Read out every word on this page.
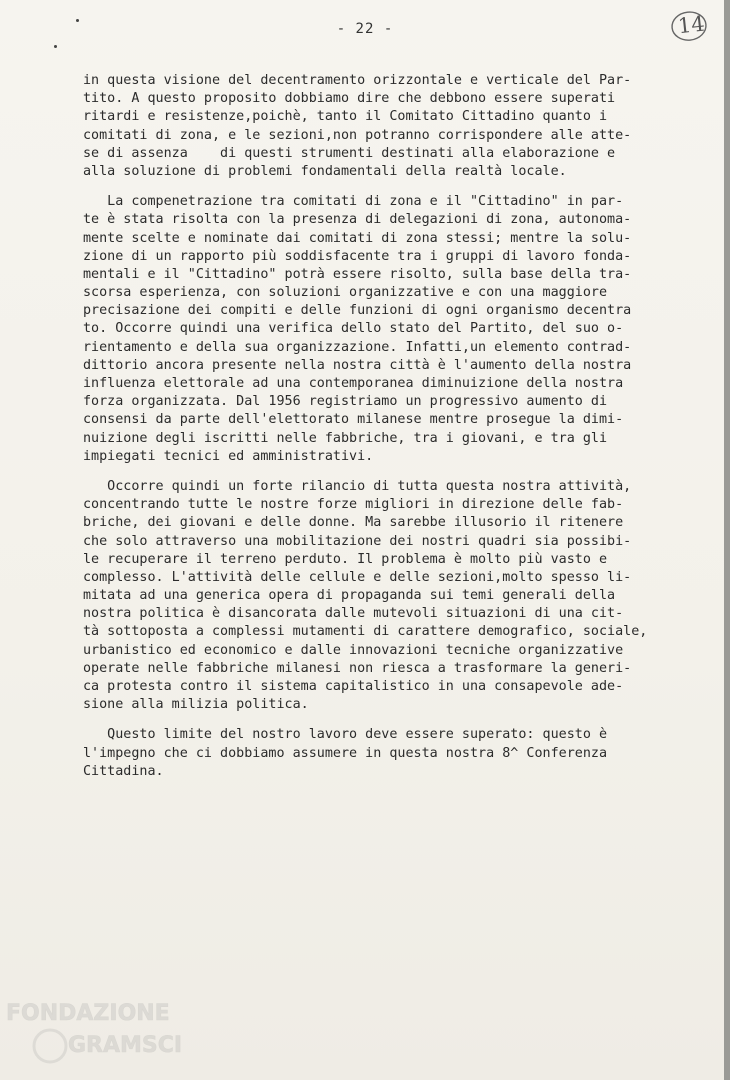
- 22 -	14
in questa visione del decentramento orizzontale e verticale del Par-
tito. A questo proposito dobbiamo dire che debbono essere superati
ritardi e resistenze,poichè, tanto il Comitato Cittadino quanto i
comitati di zona, e le sezioni,non potranno corrispondere alle atte-
se di assenza    di questi strumenti destinati alla elaborazione e
alla soluzione di problemi fondamentali della realtà locale.
La compenetrazione tra comitati di zona e il "Cittadino" in par-
te è stata risolta con la presenza di delegazioni di zona, autonoma-
mente scelte e nominate dai comitati di zona stessi; mentre la solu-
zione di un rapporto più soddisfacente tra i gruppi di lavoro fonda-
mentali e il "Cittadino" potrà essere risolto, sulla base della tra-
scorsa esperienza, con soluzioni organizzative e con una maggiore
precisazione dei compiti e delle funzioni di ogni organismo decentra
to. Occorre quindi una verifica dello stato del Partito, del suo o-
rientamento e della sua organizzazione. Infatti,un elemento contrad-
dittorio ancora presente nella nostra città è l'aumento della nostra
influenza elettorale ad una contemporanea diminuizione della nostra
forza organizzata. Dal 1956 registriamo un progressivo aumento di
consensi da parte dell'elettorato milanese mentre prosegue la dimi-
nuizione degli iscritti nelle fabbriche, tra i giovani, e tra gli
impiegati tecnici ed amministrativi.
Occorre quindi un forte rilancio di tutta questa nostra attività,
concentrando tutte le nostre forze migliori in direzione delle fab-
briche, dei giovani e delle donne. Ma sarebbe illusorio il ritenere
che solo attraverso una mobilitazione dei nostri quadri sia possibi-
le recuperare il terreno perduto. Il problema è molto più vasto e
complesso. L'attività delle cellule e delle sezioni,molto spesso li-
mitata ad una generica opera di propaganda sui temi generali della
nostra politica è disancorata dalle mutevoli situazioni di una cit-
tà sottoposta a complessi mutamenti di carattere demografico, sociale,
urbanistico ed economico e dalle innovazioni tecniche organizzative
operate nelle fabbriche milanesi non riesca a trasformare la generi-
ca protesta contro il sistema capitalistico in una consapevole ade-
sione alla milizia politica.
Questo limite del nostro lavoro deve essere superato: questo è
l'impegno che ci dobbiamo assumere in questa nostra 8^ Conferenza
Cittadina.
FONDAZIONE
GRAMSCI
